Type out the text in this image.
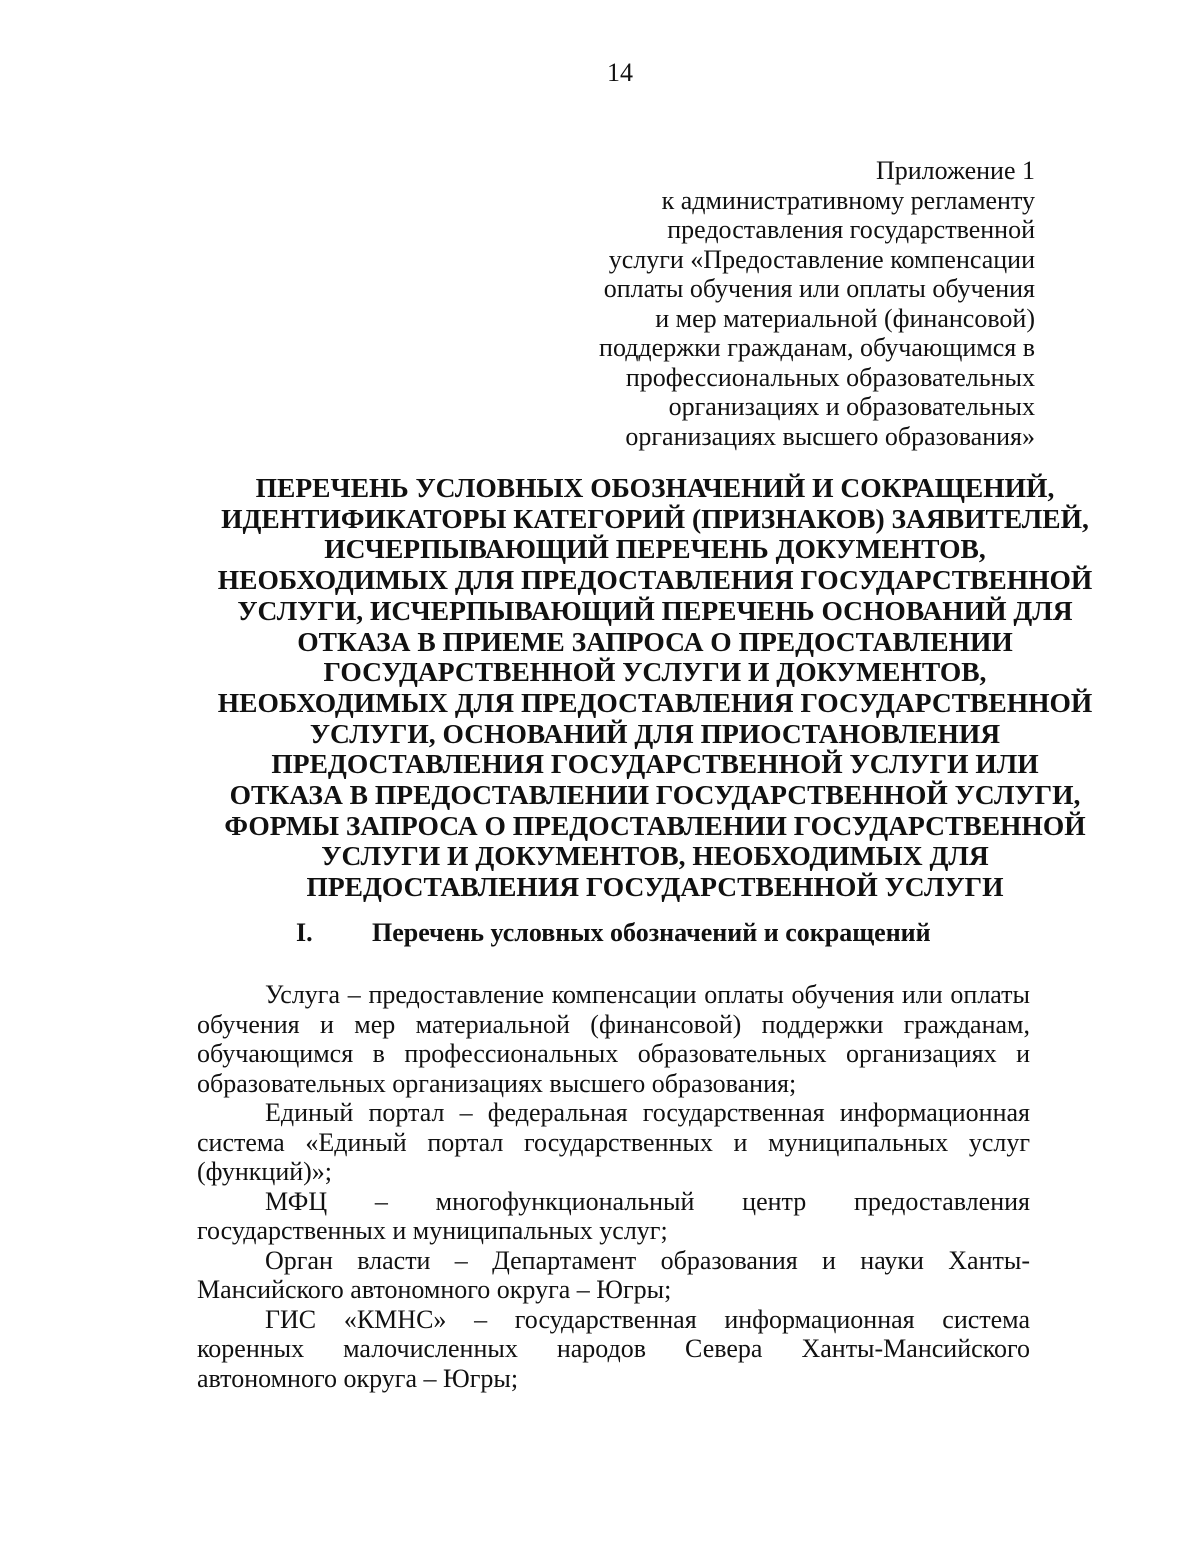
14
Приложение 1
к административному регламенту
предоставления государственной
услуги «Предоставление компенсации
оплаты обучения или оплаты обучения
и мер материальной (финансовой)
поддержки гражданам, обучающимся в
профессиональных образовательных
организациях и образовательных
организациях высшего образования»
ПЕРЕЧЕНЬ УСЛОВНЫХ ОБОЗНАЧЕНИЙ И СОКРАЩЕНИЙ,
ИДЕНТИФИКАТОРЫ КАТЕГОРИЙ (ПРИЗНАКОВ) ЗАЯВИТЕЛЕЙ,
ИСЧЕРПЫВАЮЩИЙ ПЕРЕЧЕНЬ ДОКУМЕНТОВ,
НЕОБХОДИМЫХ ДЛЯ ПРЕДОСТАВЛЕНИЯ ГОСУДАРСТВЕННОЙ
УСЛУГИ, ИСЧЕРПЫВАЮЩИЙ ПЕРЕЧЕНЬ ОСНОВАНИЙ ДЛЯ
ОТКАЗА В ПРИЕМЕ ЗАПРОСА О ПРЕДОСТАВЛЕНИИ
ГОСУДАРСТВЕННОЙ УСЛУГИ И ДОКУМЕНТОВ,
НЕОБХОДИМЫХ ДЛЯ ПРЕДОСТАВЛЕНИЯ ГОСУДАРСТВЕННОЙ
УСЛУГИ, ОСНОВАНИЙ ДЛЯ ПРИОСТАНОВЛЕНИЯ
ПРЕДОСТАВЛЕНИЯ ГОСУДАРСТВЕННОЙ УСЛУГИ ИЛИ
ОТКАЗА В ПРЕДОСТАВЛЕНИИ ГОСУДАРСТВЕННОЙ УСЛУГИ,
ФОРМЫ ЗАПРОСА О ПРЕДОСТАВЛЕНИИ ГОСУДАРСТВЕННОЙ
УСЛУГИ И ДОКУМЕНТОВ, НЕОБХОДИМЫХ ДЛЯ
ПРЕДОСТАВЛЕНИЯ ГОСУДАРСТВЕННОЙ УСЛУГИ
I. Перечень условных обозначений и сокращений
Услуга – предоставление компенсации оплаты обучения или оплаты обучения и мер материальной (финансовой) поддержки гражданам, обучающимся в профессиональных образовательных организациях и образовательных организациях высшего образования;
Единый портал – федеральная государственная информационная система «Единый портал государственных и муниципальных услуг (функций)»;
МФЦ – многофункциональный центр предоставления государственных и муниципальных услуг;
Орган власти – Департамент образования и науки Ханты-Мансийского автономного округа – Югры;
ГИС «КМНС» – государственная информационная система коренных малочисленных народов Севера Ханты-Мансийского автономного округа – Югры;
